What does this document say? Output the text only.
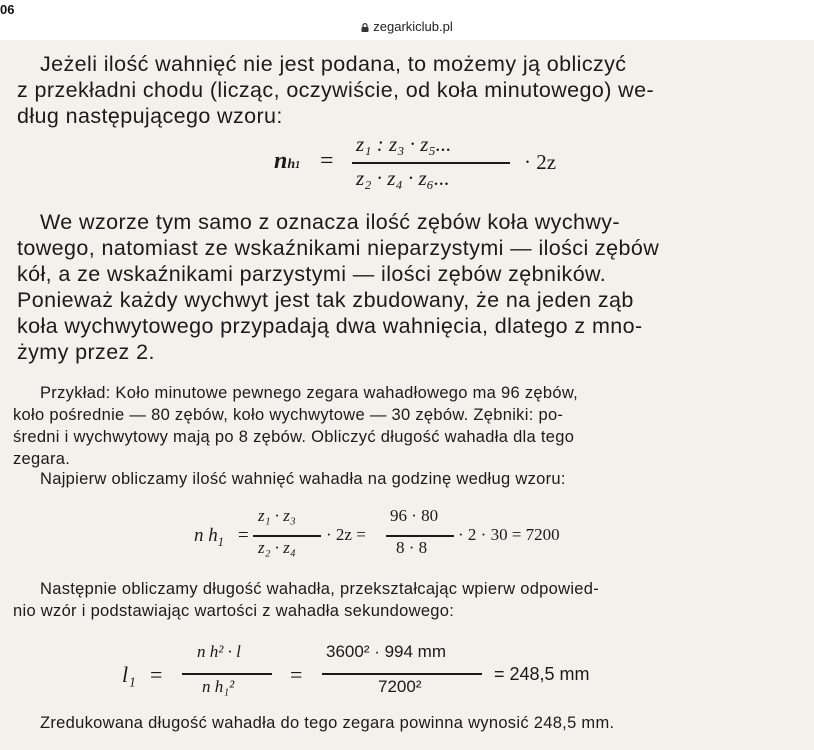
06
zegarkiclub.pl
Jeżeli ilość wahnięć nie jest podana, to możemy ją obliczyć
z przekładni chodu (licząc, oczywiście, od koła minutowego) we-
dług następującego wzoru:
nh1 =
z₁ : z₃ · z₅...
z₂ · z₄ · z₆...
· 2z
We wzorze tym samo z oznacza ilość zębów koła wychwy-
towego, natomiast ze wskaźnikami nieparzystymi — ilości zębów
kół, a ze wskaźnikami parzystymi — ilości zębów zębników.
Ponieważ każdy wychwyt jest tak zbudowany, że na jeden ząb
koła wychwytowego przypadają dwa wahnięcia, dlatego z mno-
żymy przez 2.
Przykład: Koło minutowe pewnego zegara wahadłowego ma 96 zębów,
koło pośrednie — 80 zębów, koło wychwytowe — 30 zębów. Zębniki: po-
średni i wychwytowy mają po 8 zębów. Obliczyć długość wahadła dla tego
zegara.
Najpierw obliczamy ilość wahnięć wahadła na godzinę według wzoru:
n $h_1$ =
z₁ · z₃
z₂ · z₄
· 2z =
96 · 80
8 · 8
· 2 · 30 = 7200
Następnie obliczamy długość wahadła, przekształcając wpierw odpowied-
nio wzór i podstawiając wartości z wahadła sekundowego:
l₁ =
n h² · l
n h₁²	=
3600² · 994 mm
7200²
= 248,5 mm
Zredukowana długość wahadła do tego zegara powinna wynosić 248,5 mm.
